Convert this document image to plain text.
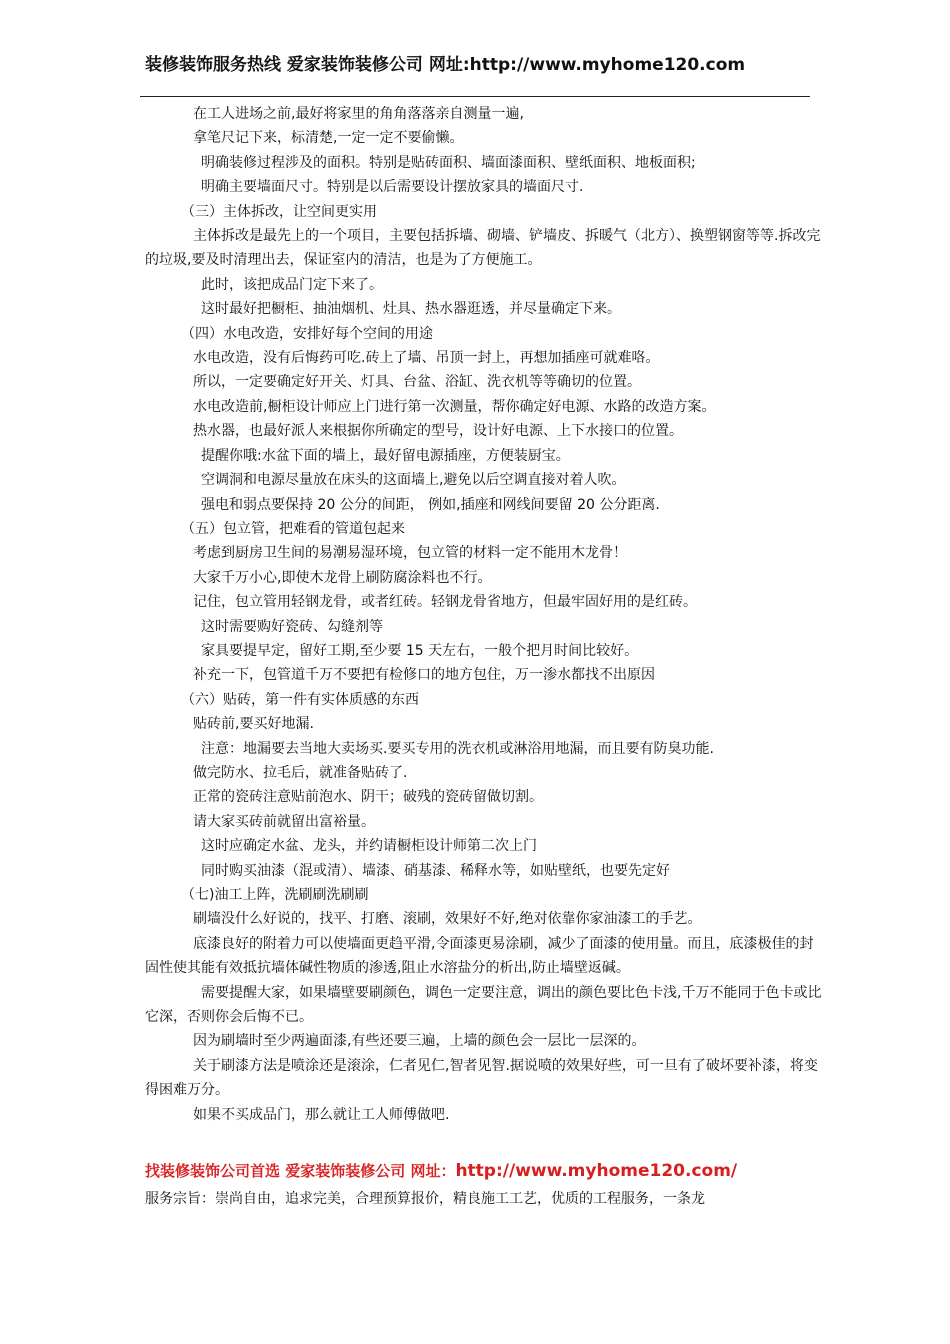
装修装饰服务热线 爱家装饰装修公司 网址:http://www.myhome120.com
在工人进场之前,最好将家里的角角落落亲自测量一遍,
拿笔尺记下来，标清楚,一定一定不要偷懒。
明确装修过程涉及的面积。特别是贴砖面积、墙面漆面积、壁纸面积、地板面积;
明确主要墙面尺寸。特别是以后需要设计摆放家具的墙面尺寸.
（三）主体拆改，让空间更实用
主体拆改是最先上的一个项目，主要包括拆墙、砌墙、铲墙皮、拆暖气（北方）、换塑钢窗等等.拆改完的垃圾,要及时清理出去，保证室内的清洁，也是为了方便施工。
此时，该把成品门定下来了。
这时最好把橱柜、抽油烟机、灶具、热水器逛透，并尽量确定下来。
（四）水电改造，安排好每个空间的用途
水电改造，没有后悔药可吃.砖上了墙、吊顶一封上，再想加插座可就难咯。
所以，一定要确定好开关、灯具、台盆、浴缸、洗衣机等等确切的位置。
水电改造前,橱柜设计师应上门进行第一次测量，帮你确定好电源、水路的改造方案。
热水器，也最好派人来根据你所确定的型号，设计好电源、上下水接口的位置。
提醒你哦:水盆下面的墙上，最好留电源插座，方便装厨宝。
空调洞和电源尽量放在床头的这面墙上,避免以后空调直接对着人吹。
强电和弱点要保持 20 公分的间距， 例如,插座和网线间要留 20 公分距离.
（五）包立管，把难看的管道包起来
考虑到厨房卫生间的易潮易湿环境，包立管的材料一定不能用木龙骨！
大家千万小心,即使木龙骨上刷防腐涂料也不行。
记住，包立管用轻钢龙骨，或者红砖。轻钢龙骨省地方，但最牢固好用的是红砖。
这时需要购好瓷砖、勾缝剂等
家具要提早定，留好工期,至少要 15 天左右，一般个把月时间比较好。
补充一下，包管道千万不要把有检修口的地方包住，万一渗水都找不出原因
（六）贴砖，第一件有实体质感的东西
贴砖前,要买好地漏.
注意：地漏要去当地大卖场买.要买专用的洗衣机或淋浴用地漏，而且要有防臭功能.
做完防水、拉毛后，就准备贴砖了.
正常的瓷砖注意贴前泡水、阴干；破残的瓷砖留做切割。
请大家买砖前就留出富裕量。
这时应确定水盆、龙头，并约请橱柜设计师第二次上门
同时购买油漆（混或清）、墙漆、硝基漆、稀释水等，如贴壁纸，也要先定好
（七)油工上阵，洗刷刷洗刷刷
刷墙没什么好说的，找平、打磨、滚刷，效果好不好,绝对依靠你家油漆工的手艺。
底漆良好的附着力可以使墙面更趋平滑,令面漆更易涂刷，减少了面漆的使用量。而且，底漆极佳的封固性使其能有效抵抗墙体碱性物质的渗透,阻止水溶盐分的析出,防止墙壁返碱。
需要提醒大家，如果墙壁要刷颜色，调色一定要注意，调出的颜色要比色卡浅,千万不能同于色卡或比它深，否则你会后悔不已。
因为刷墙时至少两遍面漆,有些还要三遍，上墙的颜色会一层比一层深的。
关于刷漆方法是喷涂还是滚涂，仁者见仁,智者见智.据说喷的效果好些，可一旦有了破坏要补漆，将变得困难万分。
如果不买成品门，那么就让工人师傅做吧.
找装修装饰公司首选 爱家装饰装修公司 网址：http://www.myhome120.com/
服务宗旨：崇尚自由，追求完美，合理预算报价，精良施工工艺，优质的工程服务，一条龙
